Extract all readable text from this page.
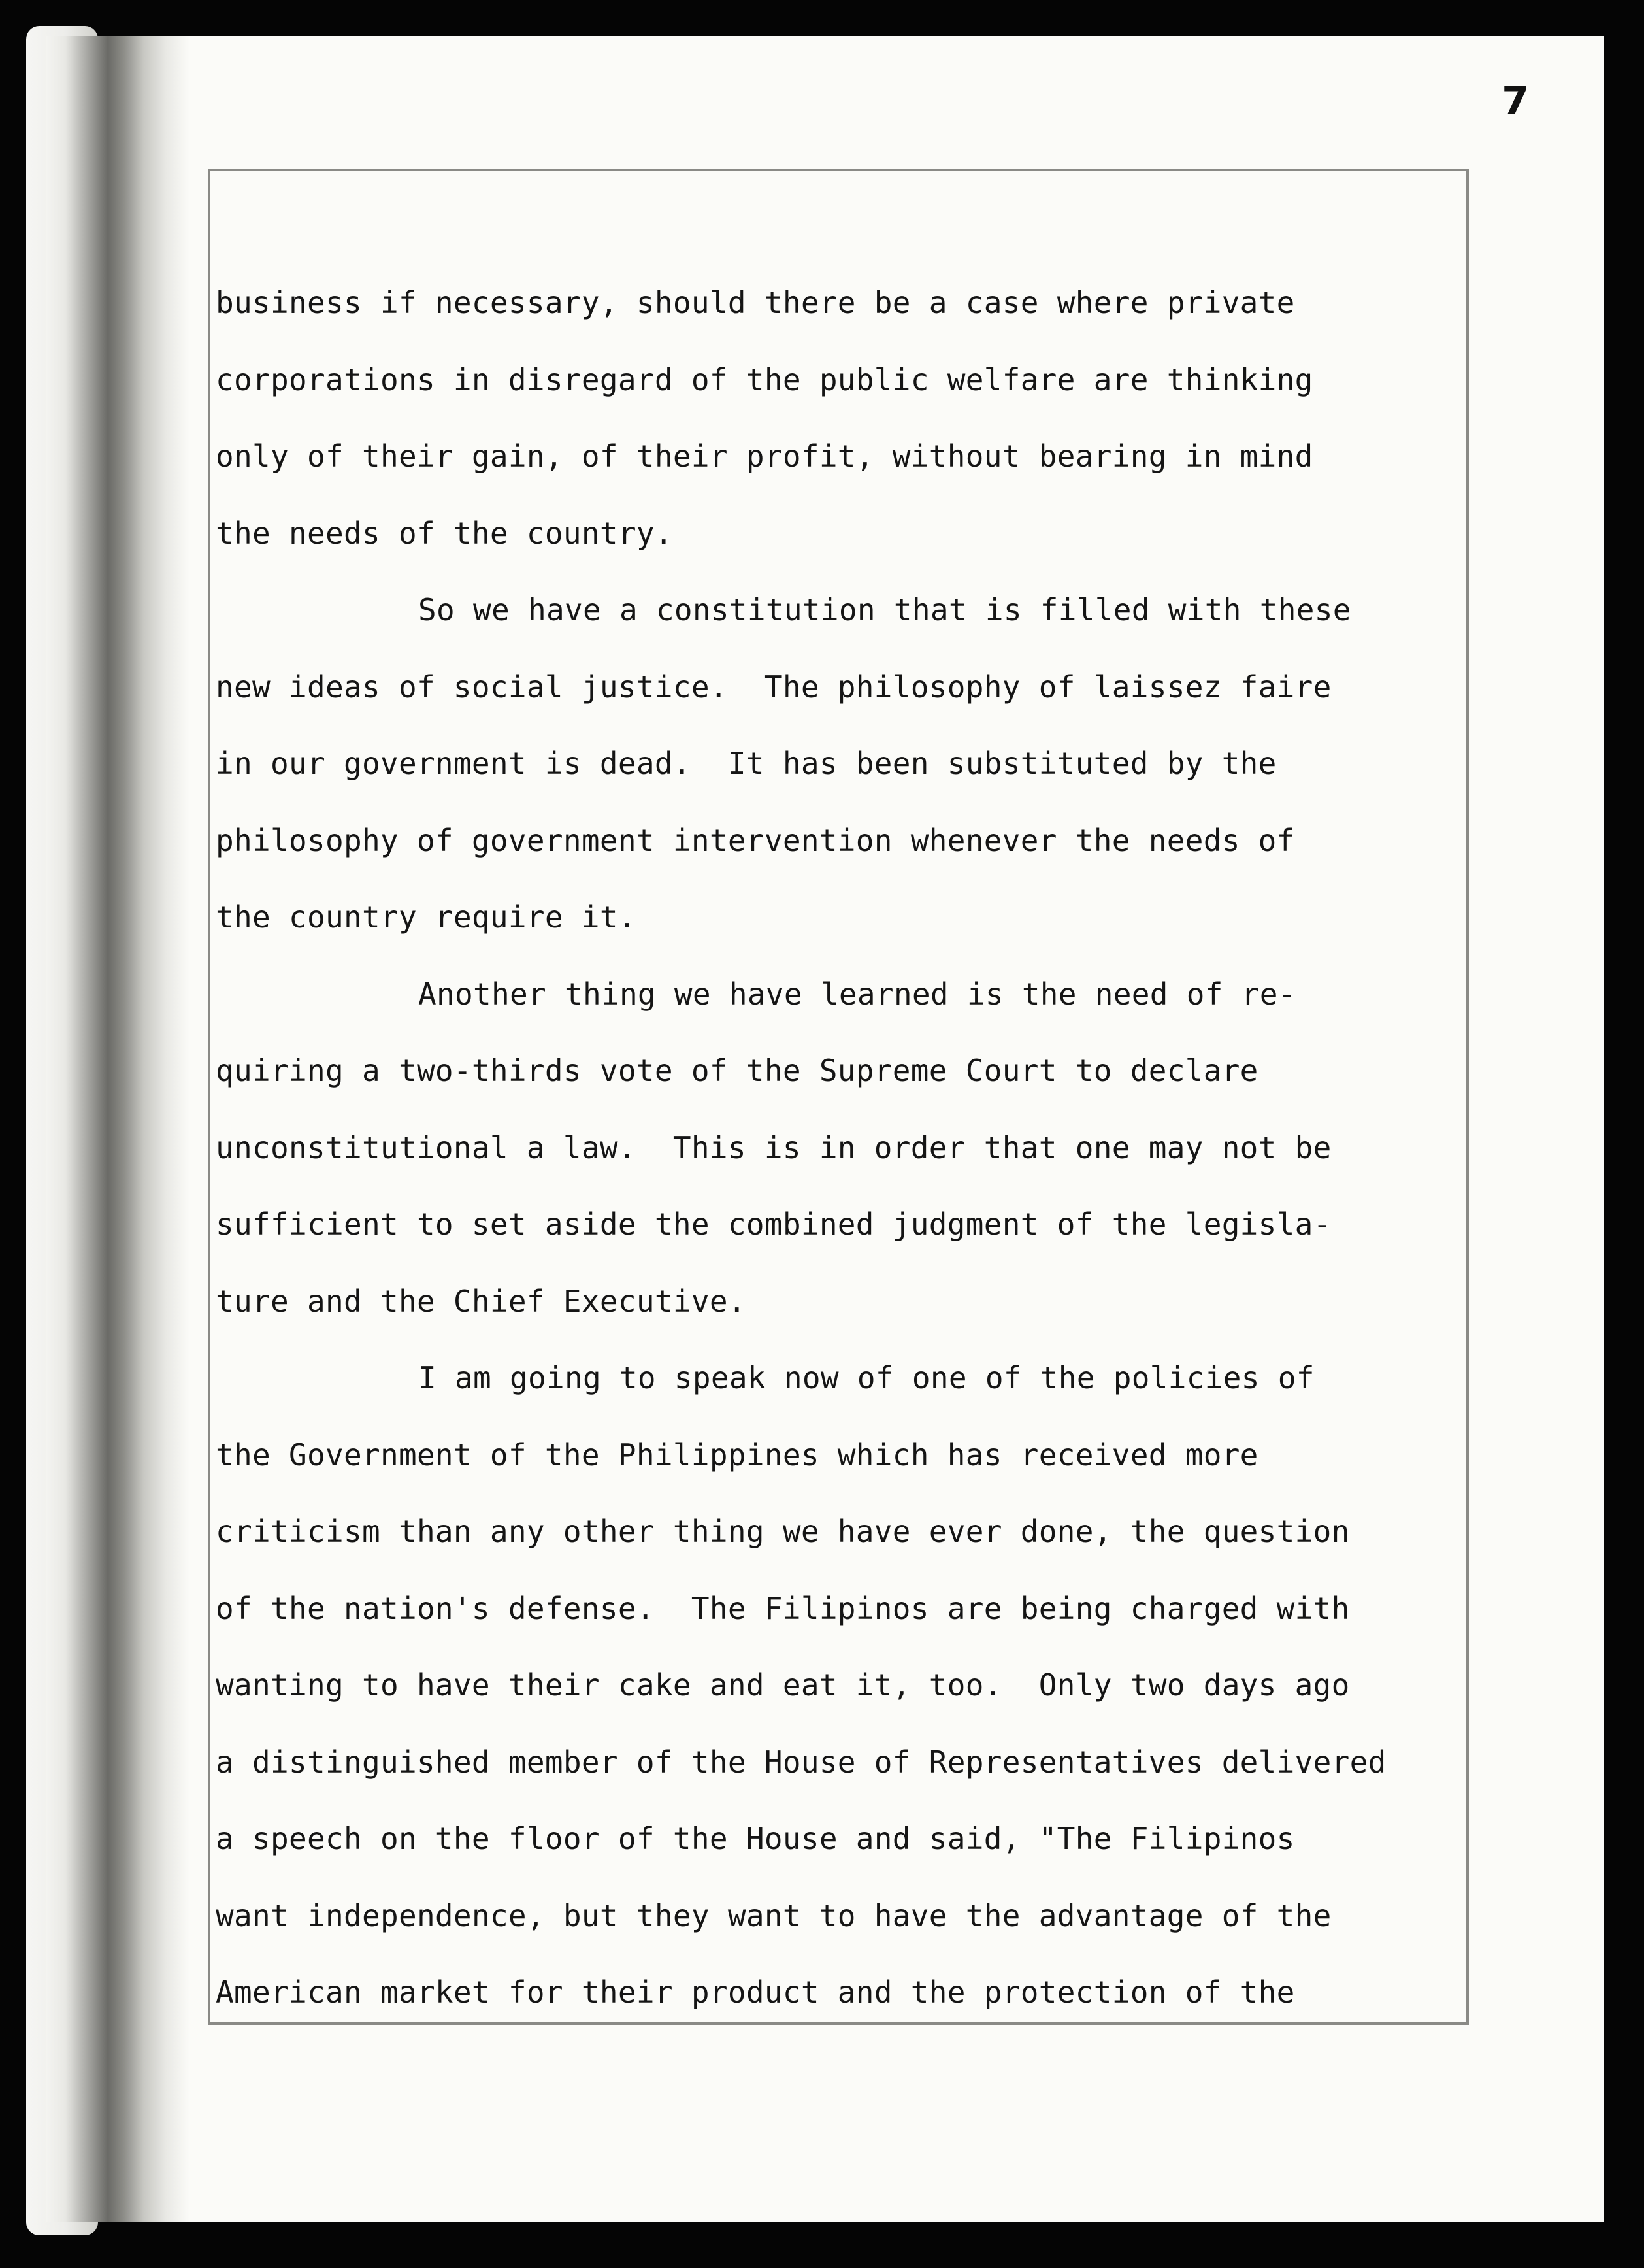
7
business if necessary, should there be a case where private
corporations in disregard of the public welfare are thinking
only of their gain, of their profit, without bearing in mind
the needs of the country.
So we have a constitution that is filled with these
new ideas of social justice.  The philosophy of laissez faire
in our government is dead.  It has been substituted by the
philosophy of government intervention whenever the needs of
the country require it.
Another thing we have learned is the need of re-
quiring a two-thirds vote of the Supreme Court to declare
unconstitutional a law.  This is in order that one may not be
sufficient to set aside the combined judgment of the legisla-
ture and the Chief Executive.
I am going to speak now of one of the policies of
the Government of the Philippines which has received more
criticism than any other thing we have ever done, the question
of the nation's defense.  The Filipinos are being charged with
wanting to have their cake and eat it, too.  Only two days ago
a distinguished member of the House of Representatives delivered
a speech on the floor of the House and said, "The Filipinos
want independence, but they want to have the advantage of the
American market for their product and the protection of the
